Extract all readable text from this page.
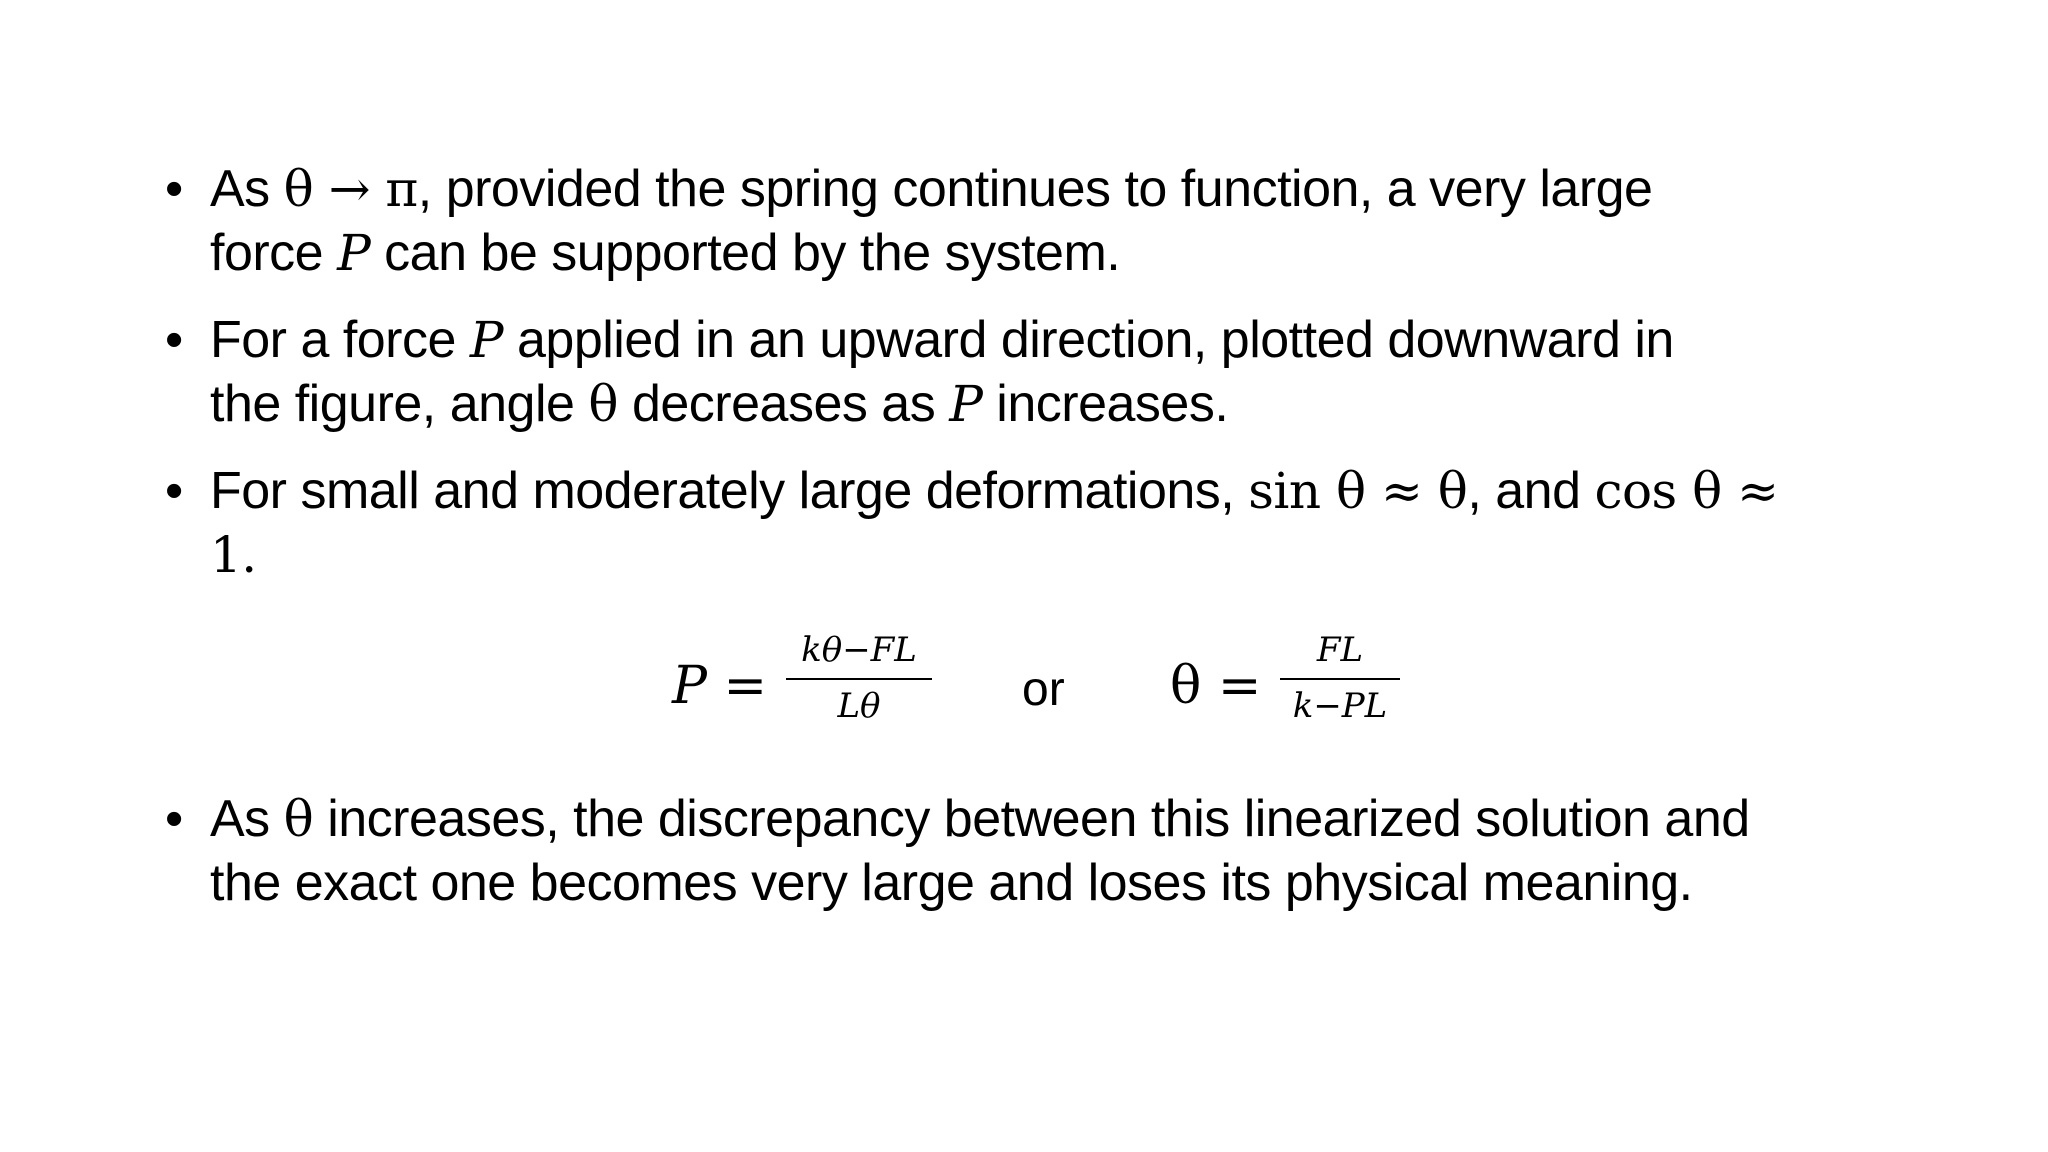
• As θ → π, provided the spring continues to function, a very large
force P can be supported by the system.
• For a force P applied in an upward direction, plotted downward in
the figure, angle θ decreases as P increases.
• For small and moderately large deformations, sin θ ≈ θ, and cos θ ≈
1.
P =
kθ−FL
Lθ	or θ =
FL
k−PL
• As θ increases, the discrepancy between this linearized solution and
the exact one becomes very large and loses its physical meaning.
